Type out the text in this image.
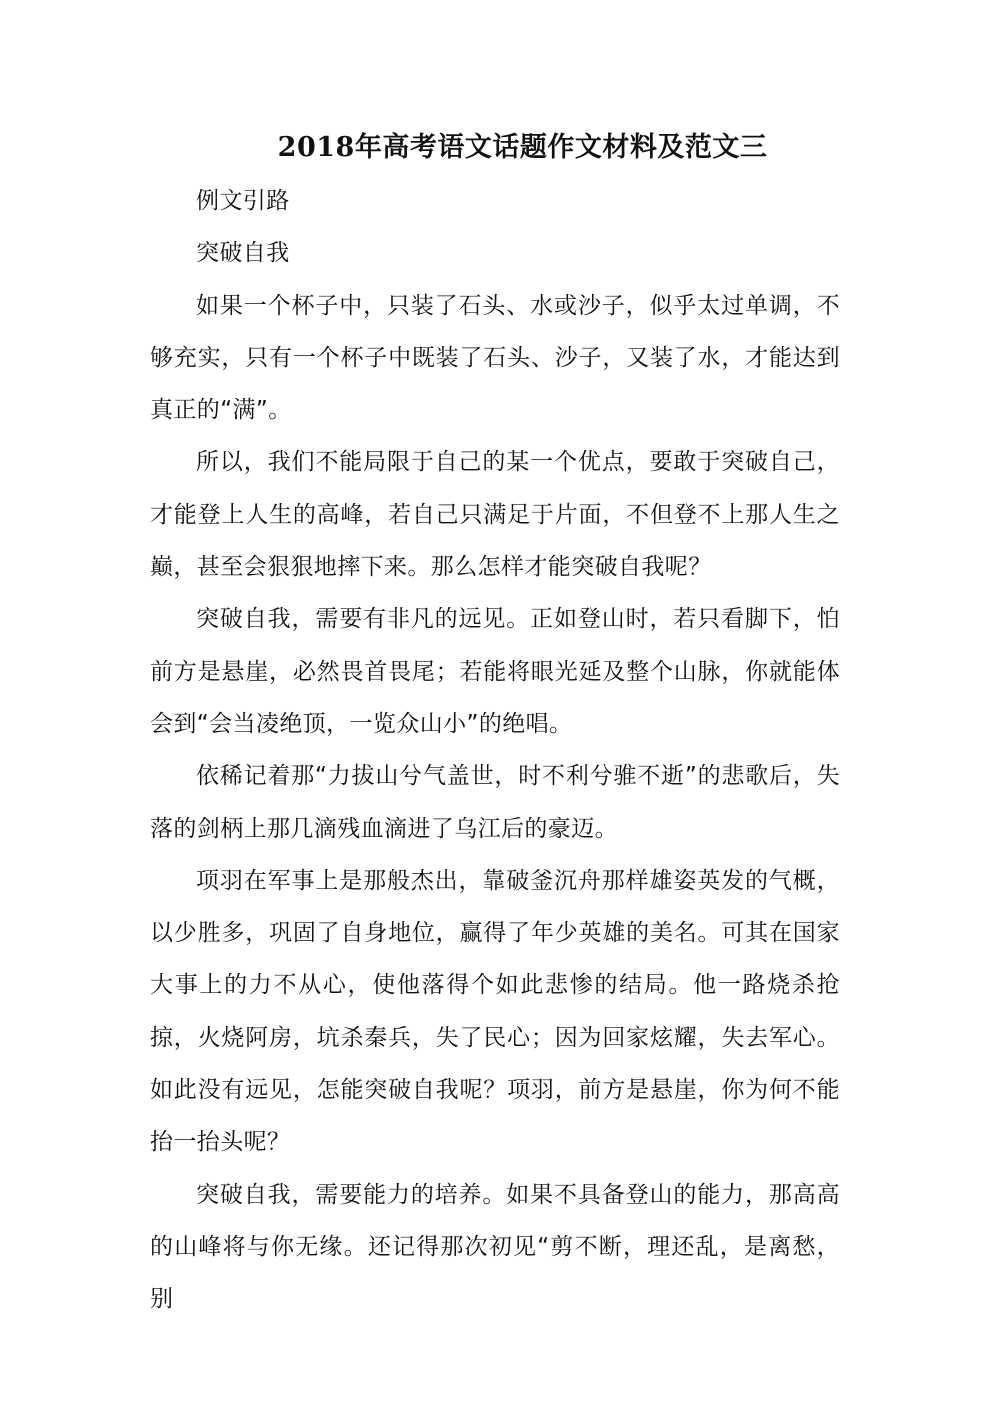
2018年高考语文话题作文材料及范文三

例文引路

突破自我

如果一个杯子中，只装了石头、水或沙子，似乎太过单调，不够充实，只有一个杯子中既装了石头、沙子，又装了水，才能达到真正的“满”。

所以，我们不能局限于自己的某一个优点，要敢于突破自己，才能登上人生的高峰，若自己只满足于片面，不但登不上那人生之巅，甚至会狠狠地摔下来。那么怎样才能突破自我呢？

突破自我，需要有非凡的远见。正如登山时，若只看脚下，怕前方是悬崖，必然畏首畏尾；若能将眼光延及整个山脉，你就能体会到“会当凌绝顶，一览众山小”的绝唱。

依稀记着那“力拔山兮气盖世，时不利兮骓不逝”的悲歌后，失落的剑柄上那几滴残血滴进了乌江后的豪迈。

项羽在军事上是那般杰出，靠破釜沉舟那样雄姿英发的气概，以少胜多，巩固了自身地位，赢得了年少英雄的美名。可其在国家大事上的力不从心，使他落得个如此悲惨的结局。他一路烧杀抢掠，火烧阿房，坑杀秦兵，失了民心；因为回家炫耀，失去军心。如此没有远见，怎能突破自我呢？项羽，前方是悬崖，你为何不能抬一抬头呢？

突破自我，需要能力的培养。如果不具备登山的能力，那高高的山峰将与你无缘。还记得那次初见“剪不断，理还乱，是离愁，别
